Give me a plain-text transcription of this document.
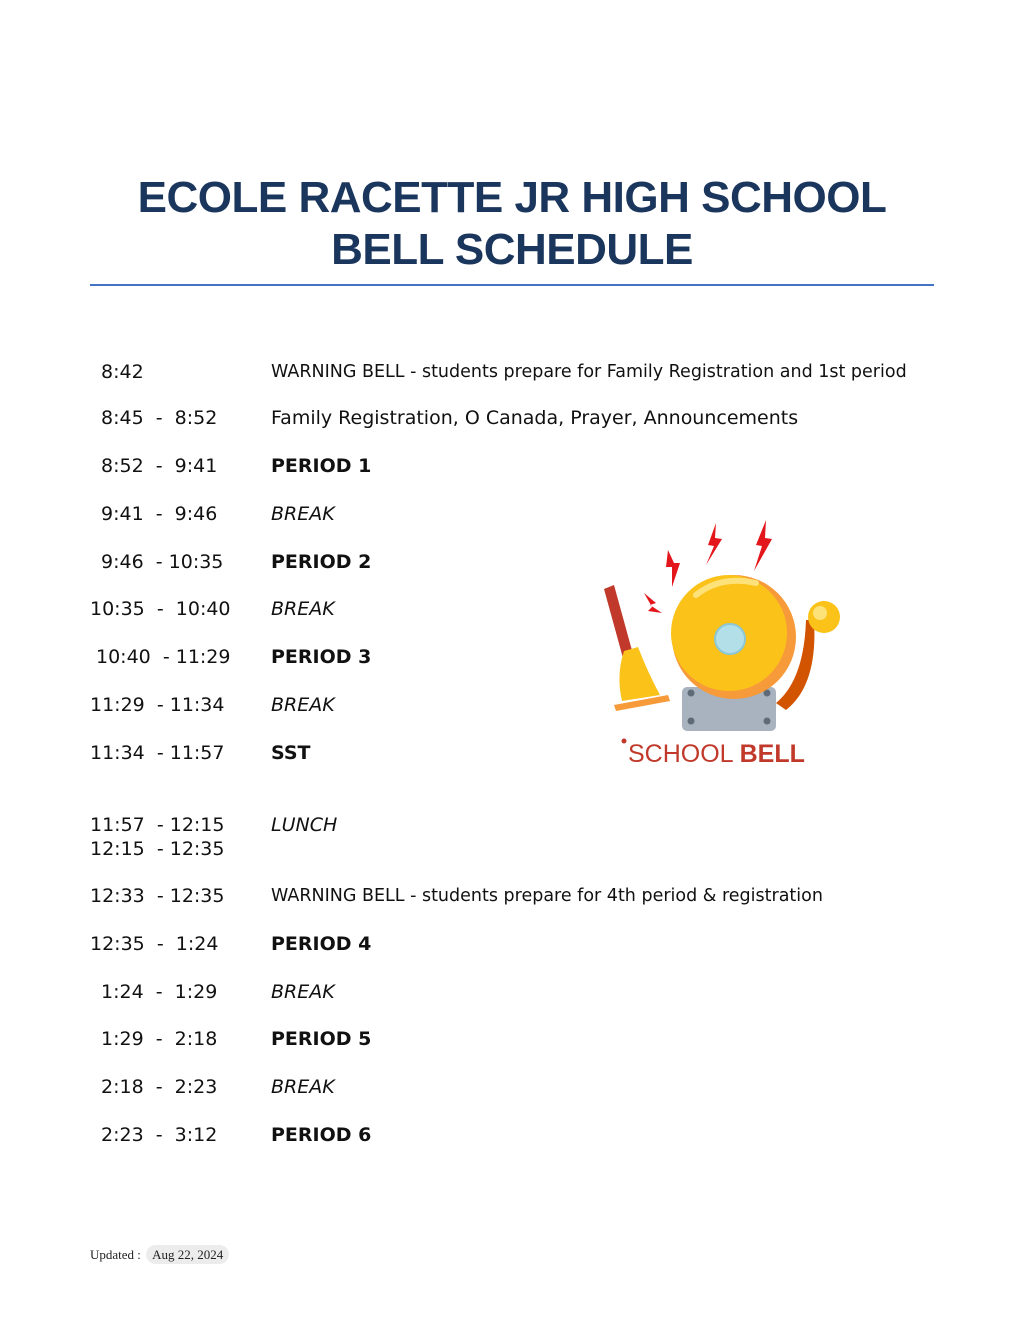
ECOLE RACETTE JR HIGH SCHOOL
BELL SCHEDULE
8:42	WARNING BELL - students prepare for Family Registration and 1st period
8:45  -  8:52	Family Registration, O Canada, Prayer, Announcements
8:52  -  9:41	PERIOD 1
9:41  -  9:46	BREAK
9:46  - 10:35	PERIOD 2
10:35  -  10:40 BREAK
10:40  - 11:29 PERIOD 3
11:29  - 11:34 BREAK
11:34  - 11:57 SST
11:57  - 12:15 LUNCH
12:15  - 12:35
12:33  - 12:35	WARNING BELL - students prepare for 4th period & registration
12:35  -  1:24	PERIOD 4
1:24  -  1:29	BREAK
1:29  -  2:18	PERIOD 5
2:18  -  2:23	BREAK
2:23  -  3:12	PERIOD 6
SCHOOL BELL
Updated : Aug 22, 2024
